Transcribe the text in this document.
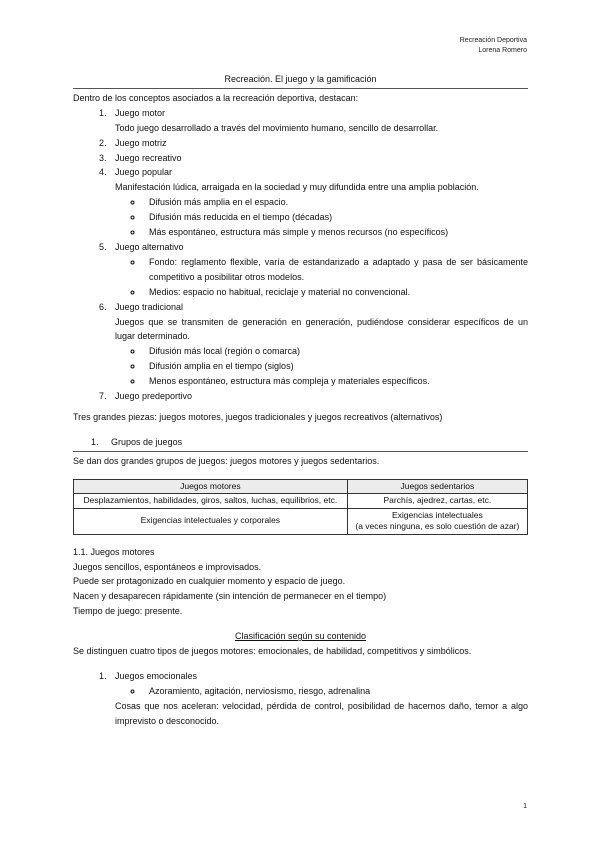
Recreación Deportiva
Lorena Romero

Recreación. El juego y la gamificación

Dentro de los conceptos asociados a la recreación deportiva, destacan:

1. Juego motor
Todo juego desarrollado a través del movimiento humano, sencillo de desarrollar.
2. Juego motriz
3. Juego recreativo
4. Juego popular
Manifestación lúdica, arraigada en la sociedad y muy difundida entre una amplia población.
◦ Difusión más amplia en el espacio.
◦ Difusión más reducida en el tiempo (décadas)
◦ Más espontáneo, estructura más simple y menos recursos (no específicos)
5. Juego alternativo
◦ Fondo: reglamento flexible, varía de estandarizado a adaptado y pasa de ser básicamente competitivo a posibilitar otros modelos.
◦ Medios: espacio no habitual, reciclaje y material no convencional.
6. Juego tradicional
Juegos que se transmiten de generación en generación, pudiéndose considerar específicos de un lugar determinado.
◦ Difusión más local (región o comarca)
◦ Difusión amplia en el tiempo (siglos)
◦ Menos espontáneo, estructura más compleja y materiales específicos.
7. Juego predeportivo

Tres grandes piezas: juegos motores, juegos tradicionales y juegos recreativos (alternativos)

1. Grupos de juegos

Se dan dos grandes grupos de juegos: juegos motores y juegos sedentarios.

Juegos motores	Juegos sedentarios
Desplazamientos, habilidades, giros, saltos, luchas, equilibrios, etc.	Parchís, ajedrez, cartas, etc.
Exigencias intelectuales y corporales	Exigencias intelectuales
(a veces ninguna, es solo cuestión de azar)

1.1. Juegos motores

Juegos sencillos, espontáneos e improvisados.

Puede ser protagonizado en cualquier momento y espacio de juego.

Nacen y desaparecen rápidamente (sin intención de permanecer en el tiempo)

Tiempo de juego: presente.

Clasificación según su contenido

Se distinguen cuatro tipos de juegos motores: emocionales, de habilidad, competitivos y simbólicos.

1. Juegos emocionales
◦ Azoramiento, agitación, nerviosismo, riesgo, adrenalina
Cosas que nos aceleran: velocidad, pérdida de control, posibilidad de hacernos daño, temor a algo imprevisto o desconocido.
1
